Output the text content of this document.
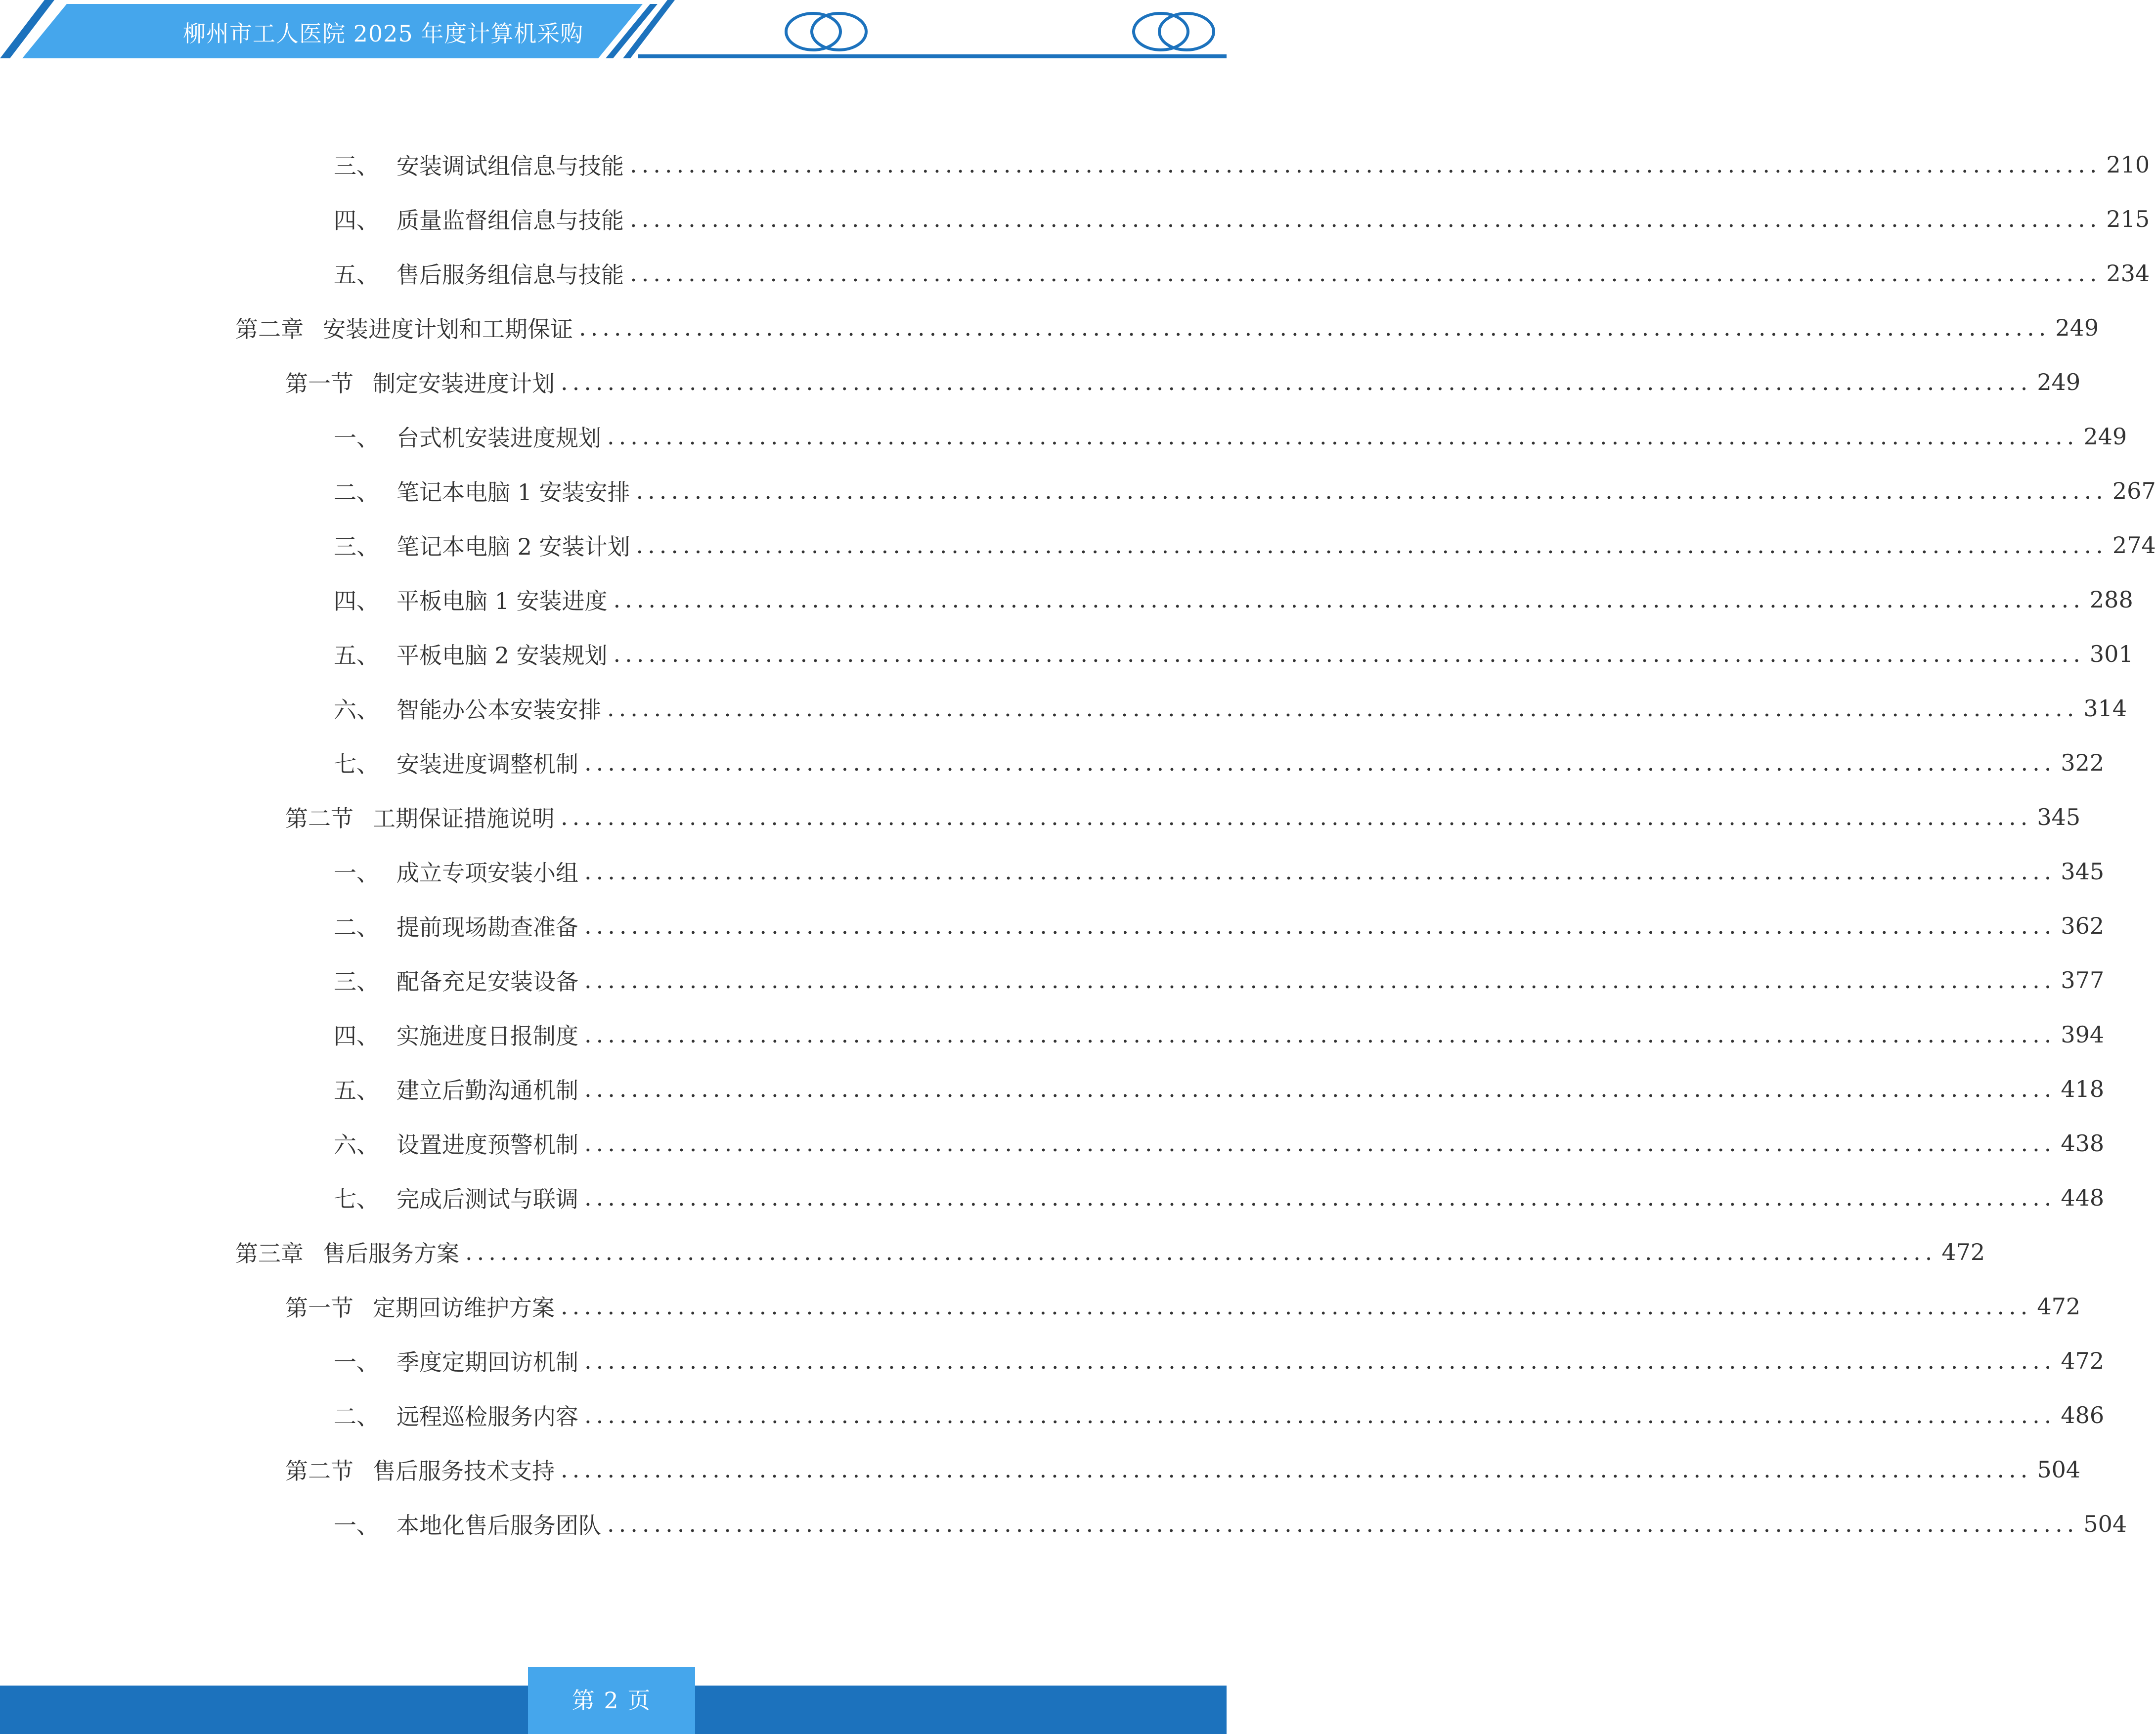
柳州市工人医院 2025 年度计算机采购
三、 安装调试组信息与技能 .............................................................................................................................. 210
四、 质量监督组信息与技能 .............................................................................................................................. 215
五、 售后服务组信息与技能 .............................................................................................................................. 234
第二章 安装进度计划和工期保证 .............................................................................................................................. 249
第一节 制定安装进度计划 .............................................................................................................................. 249
一、 台式机安装进度规划 .............................................................................................................................. 249
二、 笔记本电脑 1 安装安排 .............................................................................................................................. 267
三、 笔记本电脑 2 安装计划 .............................................................................................................................. 274
四、 平板电脑 1 安装进度 .............................................................................................................................. 288
五、 平板电脑 2 安装规划 .............................................................................................................................. 301
六、 智能办公本安装安排 .............................................................................................................................. 314
七、 安装进度调整机制 .............................................................................................................................. 322
第二节 工期保证措施说明 .............................................................................................................................. 345
一、 成立专项安装小组 .............................................................................................................................. 345
二、 提前现场勘查准备 .............................................................................................................................. 362
三、 配备充足安装设备 .............................................................................................................................. 377
四、 实施进度日报制度 .............................................................................................................................. 394
五、 建立后勤沟通机制 .............................................................................................................................. 418
六、 设置进度预警机制 .............................................................................................................................. 438
七、 完成后测试与联调 .............................................................................................................................. 448
第三章 售后服务方案 .............................................................................................................................. 472
第一节 定期回访维护方案 .............................................................................................................................. 472
一、 季度定期回访机制 .............................................................................................................................. 472
二、 远程巡检服务内容 .............................................................................................................................. 486
第二节 售后服务技术支持 .............................................................................................................................. 504
一、 本地化售后服务团队 .............................................................................................................................. 504
第 2 页
